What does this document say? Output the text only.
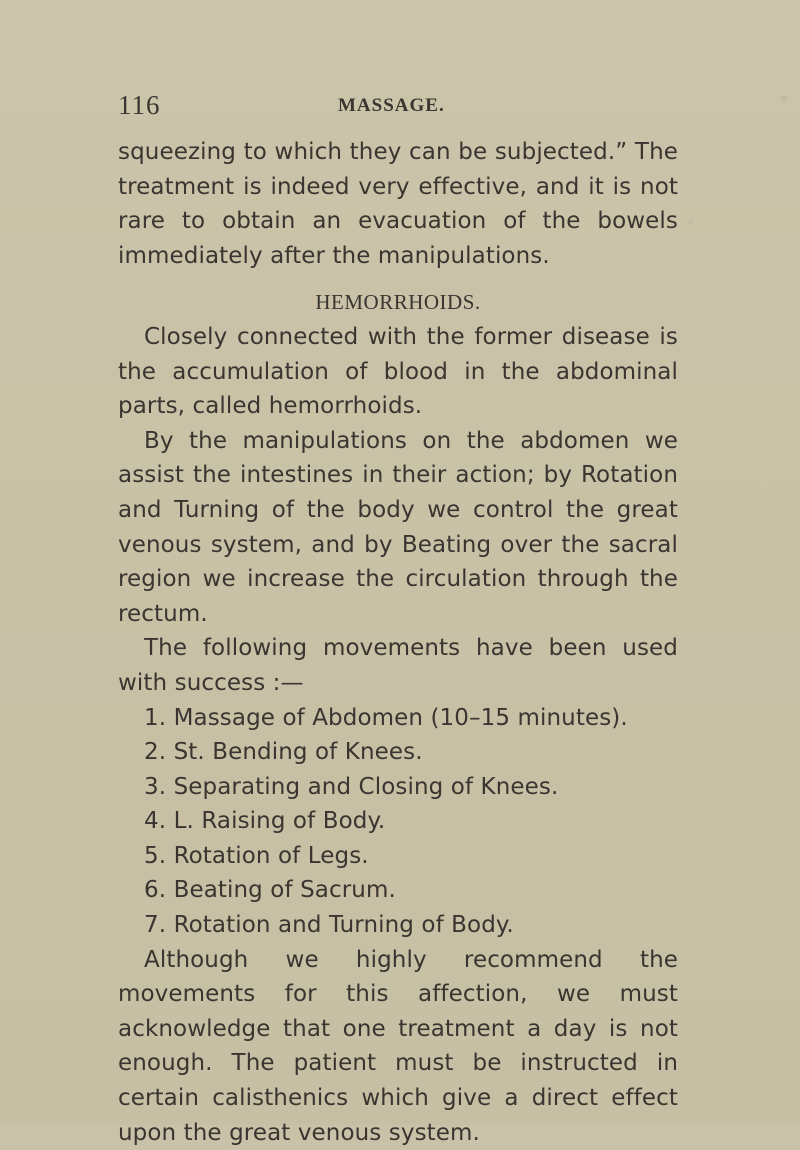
116	MASSAGE.

squeezing to which they can be subjected.” The treatment is indeed very effective, and it is not rare to obtain an evacuation of the bowels immediately after the manipulations.

HEMORRHOIDS.

Closely connected with the former disease is the accumulation of blood in the abdominal parts, called hemorrhoids.

By the manipulations on the abdomen we assist the intestines in their action; by Rotation and Turning of the body we control the great venous system, and by Beating over the sacral region we increase the circulation through the rectum.

The following movements have been used with success :—

1. Massage of Abdomen (10–15 minutes).
2. St. Bending of Knees.
3. Separating and Closing of Knees.
4. L. Raising of Body.
5. Rotation of Legs.
6. Beating of Sacrum.
7. Rotation and Turning of Body.

Although we highly recommend the movements for this affection, we must acknowledge that one treatment a day is not enough. The patient must be instructed in certain calisthenics which give a direct effect upon the great venous system.
